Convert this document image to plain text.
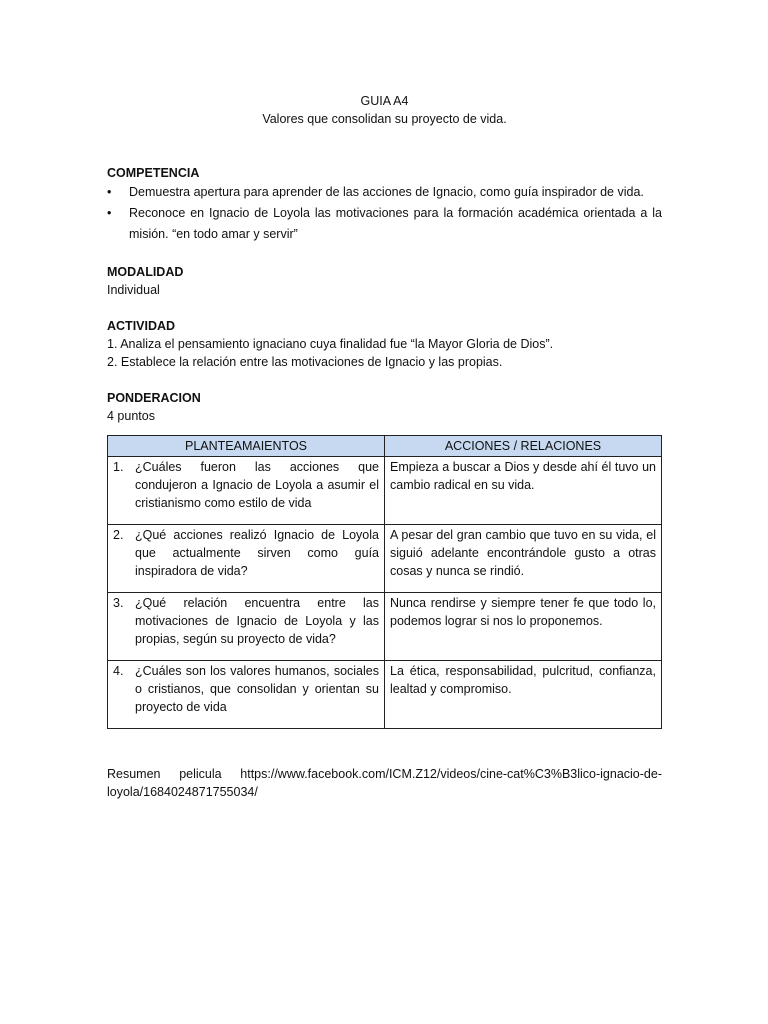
GUIA A4
Valores que consolidan su proyecto de vida.
COMPETENCIA
• Demuestra apertura para aprender de las acciones de Ignacio, como guía inspirador de vida.
• Reconoce en Ignacio de Loyola las motivaciones para la formación académica orientada a la misión. “en todo amar y servir”
MODALIDAD
Individual
ACTIVIDAD
1. Analiza el pensamiento ignaciano cuya finalidad fue “la Mayor Gloria de Dios”.
2. Establece la relación entre las motivaciones de Ignacio y las propias.
PONDERACION
4 puntos
PLANTEAMAIENTOS	ACCIONES / RELACIONES

1. ¿Cuáles fueron las acciones que condujeron a Ignacio de Loyola a asumir el cristianismo como estilo de vida	Empieza a buscar a Dios y desde ahí él tuvo un cambio radical en su vida.

2. ¿Qué acciones realizó Ignacio de Loyola que actualmente sirven como guía inspiradora de vida?	A pesar del gran cambio que tuvo en su vida, el siguió adelante encontrándole gusto a otras cosas y nunca se rindió.

3. ¿Qué relación encuentra entre las motivaciones de Ignacio de Loyola y las propias, según su proyecto de vida?	Nunca rendirse y siempre tener fe que todo lo, podemos lograr si nos lo proponemos.

4. ¿Cuáles son los valores humanos, sociales o cristianos, que consolidan y orientan su proyecto de vida	La ética, responsabilidad, pulcritud, confianza, lealtad y compromiso.
Resumen pelicula https://www.facebook.com/ICM.Z12/videos/cine-cat%C3%B3lico-ignacio-de-loyola/1684024871755034/
